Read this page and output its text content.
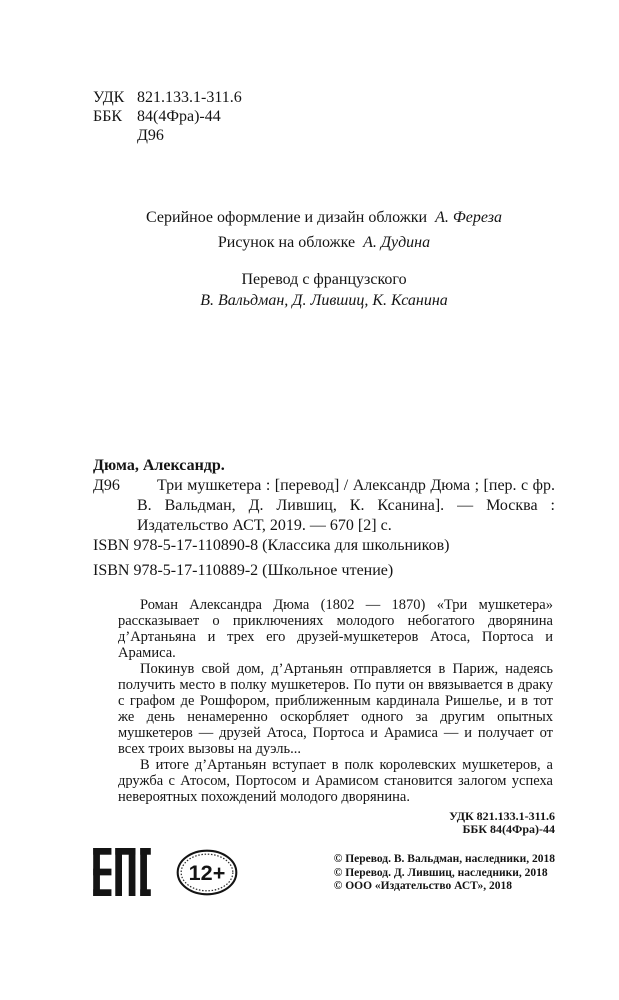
УДК 821.133.1-311.6

ББК 84(4Фра)-44

Д96

Серийное оформление и дизайн обложки А. Фереза

Рисунок на обложке А. Дудина

Перевод с французского

В. Вальдман, Д. Лившиц, К. Ксанина

Дюма, Александр.

Д96	Три мушкетера : [перевод] / Александр Дюма ; [пер. с фр. В. Вальдман, Д. Лившиц, К. Ксанина]. — Москва : Издательство АСТ, 2019. — 670 [2] с.

ISBN 978-5-17-110890-8 (Классика для школьников)

ISBN 978-5-17-110889-2 (Школьное чтение)

Роман Александра Дюма (1802 — 1870) «Три мушкетера» рассказывает о приключениях молодого небогатого дворянина д’Артаньяна и трех его друзей-мушкетеров Атоса, Портоса и Арамиса.

Покинув свой дом, д’Артаньян отправляется в Париж, надеясь получить место в полку мушкетеров. По пути он ввязывается в драку с графом де Рошфором, приближенным кардинала Ришелье, и в тот же день ненамеренно оскорбляет одного за другим опытных мушкетеров — друзей Атоса, Портоса и Арамиса — и получает от всех троих вызовы на дуэль...

В итоге д’Артаньян вступает в полк королевских мушкетеров, а дружба с Атосом, Портосом и Арамисом становится залогом успеха невероятных похождений молодого дворянина.

УДК 821.133.1-311.6

ББК 84(4Фра)-44

12+

© Перевод. В. Вальдман, наследники, 2018

© Перевод. Д. Лившиц, наследники, 2018

© ООО «Издательство АСТ», 2018
